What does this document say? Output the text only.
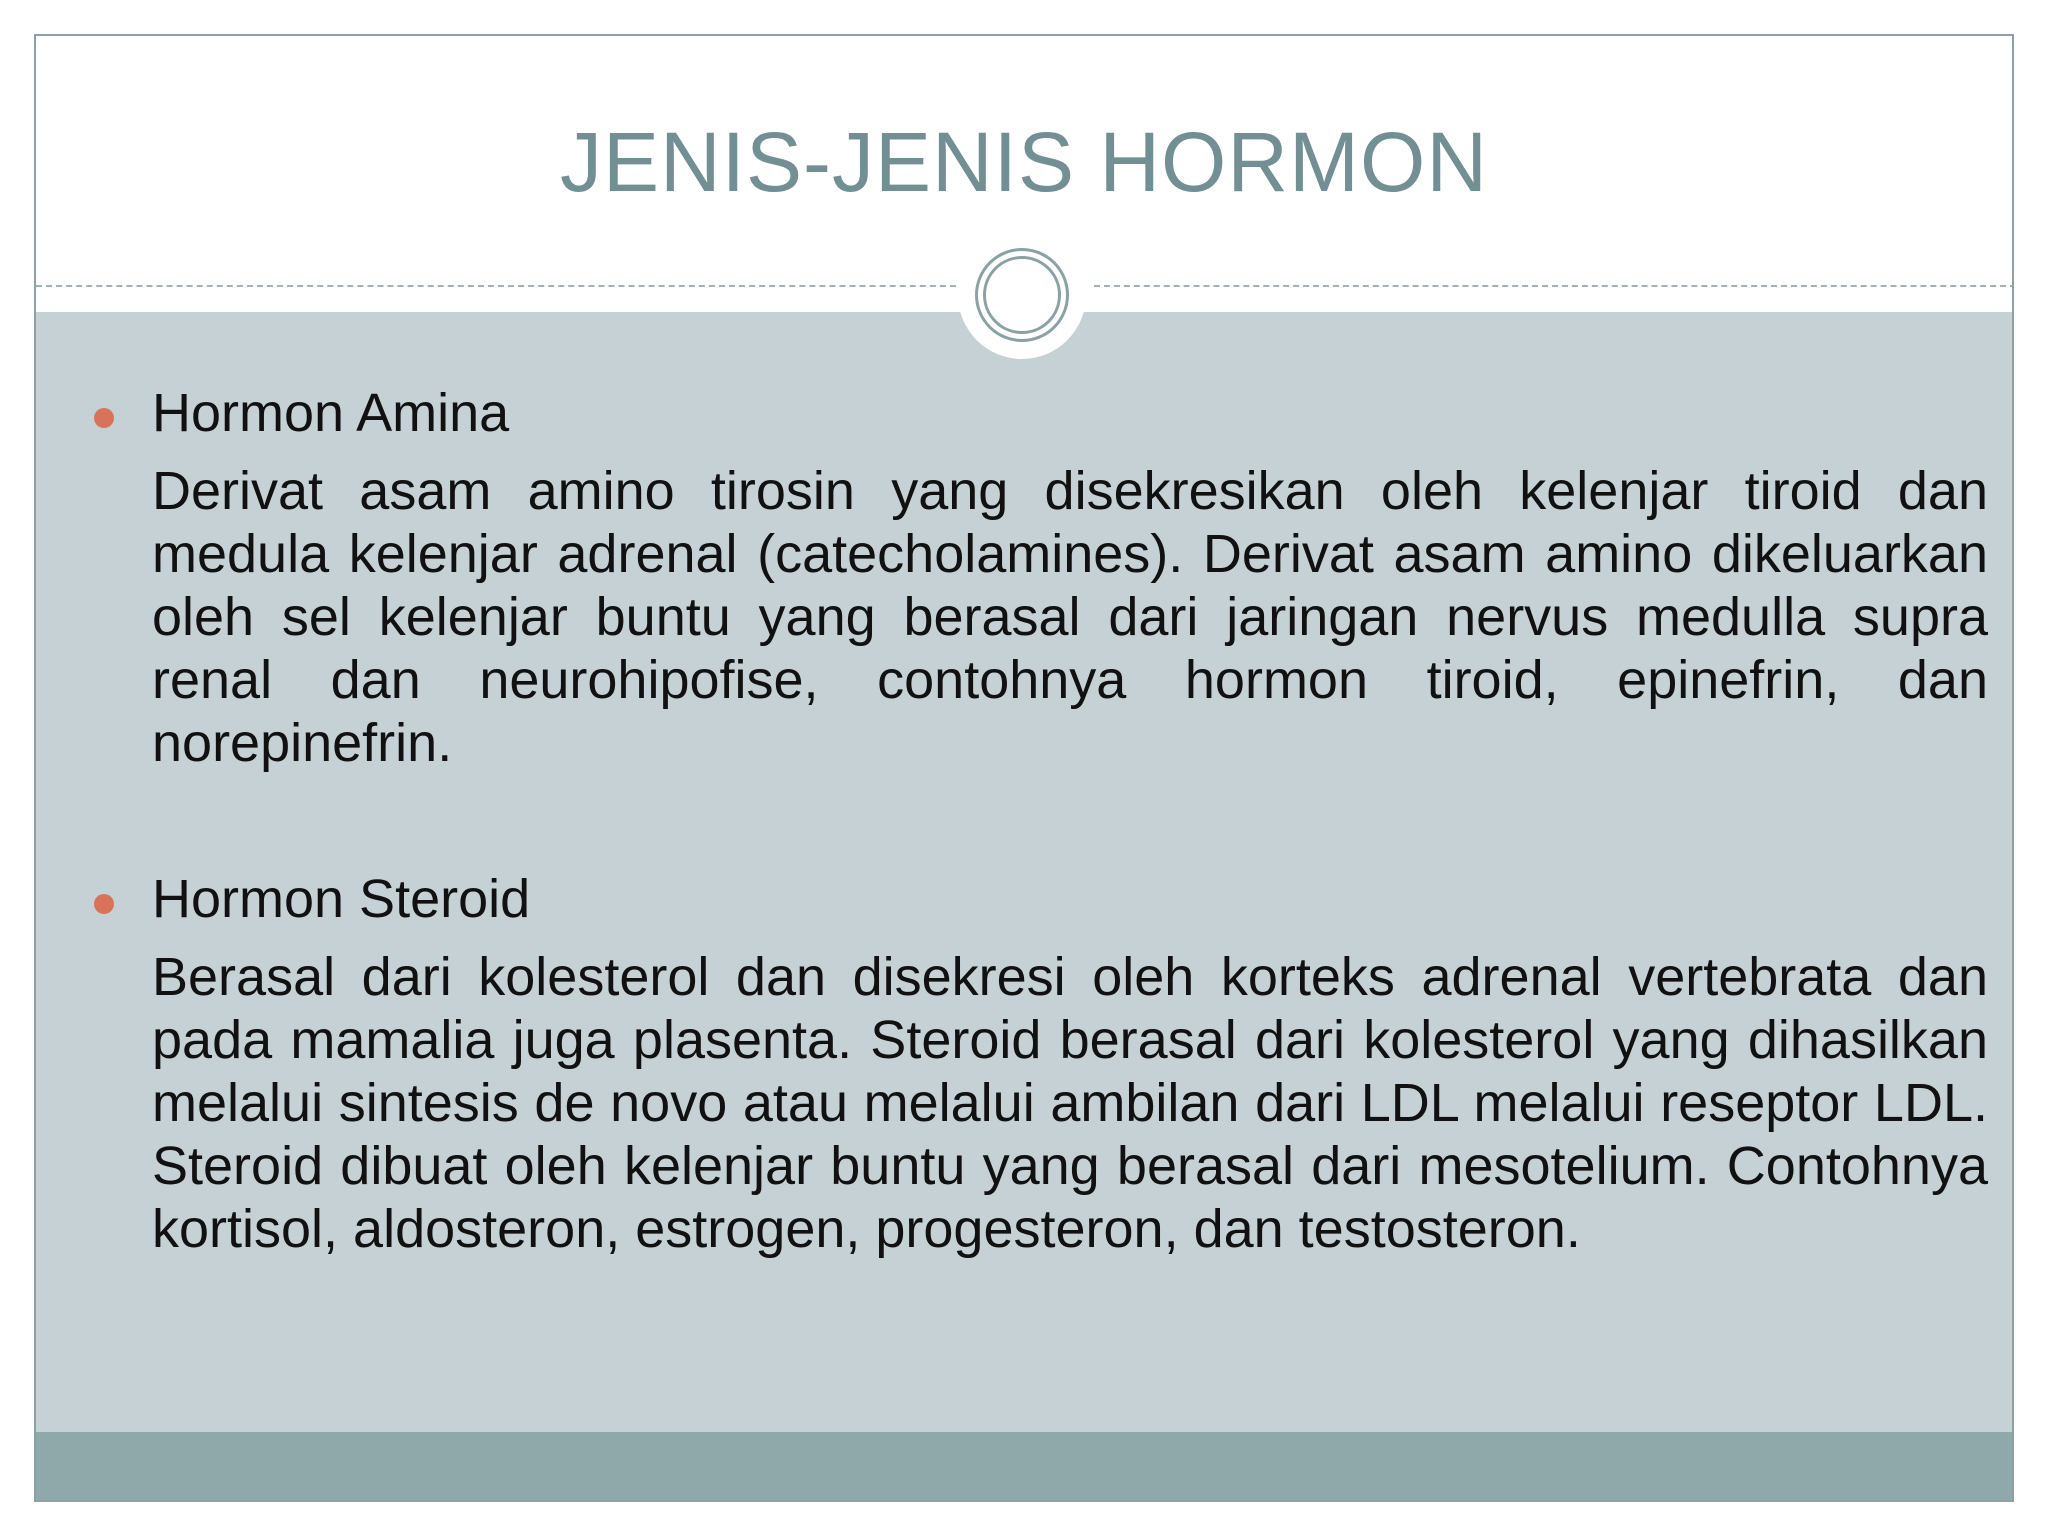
JENIS-JENIS HORMON
Hormon Amina

Derivat asam amino tirosin yang disekresikan oleh kelenjar tiroid dan medula kelenjar adrenal (catecholamines). Derivat asam amino dikeluarkan oleh sel kelenjar buntu yang berasal dari jaringan nervus medulla supra renal dan neurohipofise, contohnya hormon tiroid, epinefrin, dan norepinefrin.

Hormon Steroid

Berasal dari kolesterol dan disekresi oleh korteks adrenal vertebrata dan pada mamalia juga plasenta. Steroid berasal dari kolesterol yang dihasilkan melalui sintesis de novo atau melalui ambilan dari LDL melalui reseptor LDL. Steroid dibuat oleh kelenjar buntu yang berasal dari mesotelium. Contohnya kortisol, aldosteron, estrogen, progesteron, dan testosteron.
